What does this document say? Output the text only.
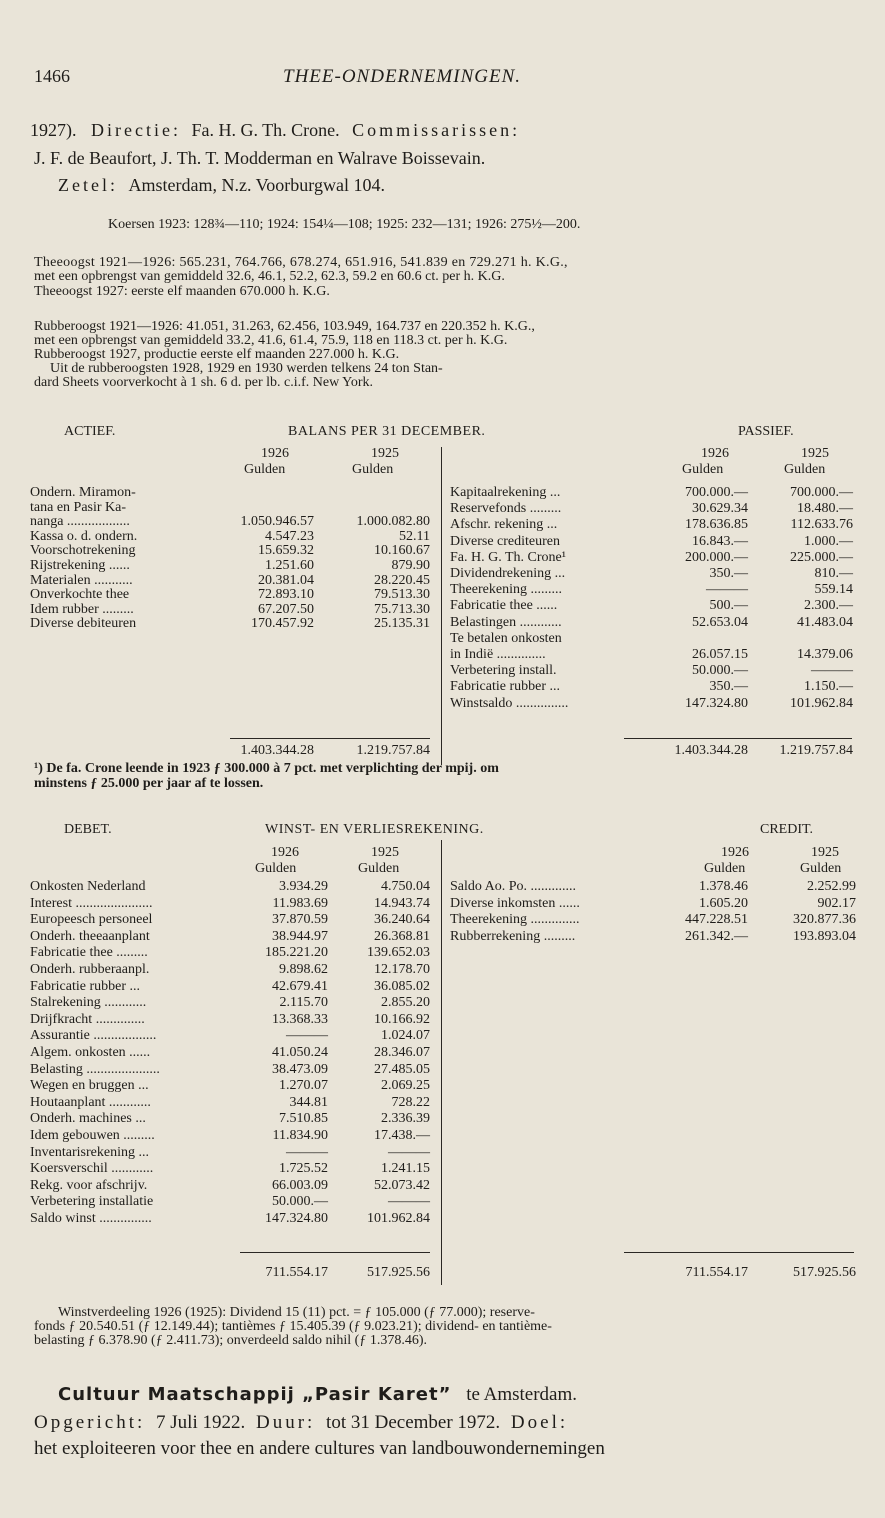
1466	THEE-ONDERNEMINGEN.
1927). Directie: Fa. H. G. Th. Crone. Commissarissen:
J. F. de Beaufort, J. Th. T. Modderman en Walrave Boissevain.
Zetel: Amsterdam, N.z. Voorburgwal 104.
Koersen 1923: 128¾—110; 1924: 154¼—108; 1925: 232—131; 1926: 275½—200.
Theeoogst 1921—1926: 565.231, 764.766, 678.274, 651.916, 541.839 en 729.271 h. K.G.,
met een opbrengst van gemiddeld 32.6, 46.1, 52.2, 62.3, 59.2 en 60.6 ct. per h. K.G.
Theeoogst 1927: eerste elf maanden 670.000 h. K.G.
Rubberoogst 1921—1926: 41.051, 31.263, 62.456, 103.949, 164.737 en 220.352 h. K.G.,
met een opbrengst van gemiddeld 33.2, 41.6, 61.4, 75.9, 118 en 118.3 ct. per h. K.G.
Rubberoogst 1927, productie eerste elf maanden 227.000 h. K.G.
Uit de rubberoogsten 1928, 1929 en 1930 werden telkens 24 ton Stan-
dard Sheets voorverkocht à 1 sh. 6 d. per lb. c.i.f. New York.
ACTIEF.	BALANS PER 31 DECEMBER.	PASSIEF.
1926	1925
Gulden	Gulden
1926	1925
Gulden	Gulden
Ondern. Miramon-
tana en Pasir Ka-
nanga ..................	1.050.946.57	1.000.082.80
Kassa o. d. ondern.	4.547.23	52.11
Voorschotrekening	15.659.32	10.160.67
Rijstrekening ......	1.251.60	879.90
Materialen ...........	20.381.04	28.220.45
Onverkochte thee	72.893.10	79.513.30
Idem rubber .........	67.207.50	75.713.30
Diverse debiteuren	170.457.92	25.135.31
Kapitaalrekening ...	700.000.—	700.000.—
Reservefonds .........	30.629.34	18.480.—
Afschr. rekening ...	178.636.85	112.633.76
Diverse crediteuren	16.843.—	1.000.—
Fa. H. G. Th. Crone¹	200.000.—	225.000.—
Dividendrekening ...	350.—	810.—
Theerekening .........	———	559.14
Fabricatie thee ......	500.—	2.300.—
Belastingen ............	52.653.04	41.483.04
Te betalen onkosten
in Indië ..............	26.057.15	14.379.06
Verbetering install.	50.000.—	———
Fabricatie rubber ...	350.—	1.150.—
Winstsaldo ...............	147.324.80	101.962.84
1.403.344.28	1.219.757.84	1.403.344.28	1.219.757.84
¹) De fa. Crone leende in 1923 ƒ 300.000 à 7 pct. met verplichting der mpij. om
minstens ƒ 25.000 per jaar af te lossen.
DEBET.	WINST- EN VERLIESREKENING.	CREDIT.
1926	1925
Gulden	Gulden
1926	1925
Gulden	Gulden
Onkosten Nederland	3.934.29	4.750.04
Interest ......................	11.983.69	14.943.74
Europeesch personeel	37.870.59	36.240.64
Onderh. theeaanplant	38.944.97	26.368.81
Fabricatie thee .........	185.221.20	139.652.03
Onderh. rubberaanpl.	9.898.62	12.178.70
Fabricatie rubber ...	42.679.41	36.085.02
Stalrekening ............	2.115.70	2.855.20
Drijfkracht ..............	13.368.33	10.166.92
Assurantie ..................	———	1.024.07
Algem. onkosten ......	41.050.24	28.346.07
Belasting .....................	38.473.09	27.485.05
Wegen en bruggen ...	1.270.07	2.069.25
Houtaanplant ............	344.81	728.22
Onderh. machines ...	7.510.85	2.336.39
Idem gebouwen .........	11.834.90	17.438.—
Inventarisrekening ...	———	———
Koersverschil ............	1.725.52	1.241.15
Rekg. voor afschrijv.	66.003.09	52.073.42
Verbetering installatie	50.000.—	———
Saldo winst ...............	147.324.80	101.962.84
Saldo Ao. Po. .............	1.378.46	2.252.99
Diverse inkomsten ......	1.605.20	902.17
Theerekening ..............	447.228.51	320.877.36
Rubberrekening .........	261.342.—	193.893.04
711.554.17	517.925.56	711.554.17	517.925.56
Winstverdeeling 1926 (1925): Dividend 15 (11) pct. = ƒ 105.000 (ƒ 77.000); reserve-
fonds ƒ 20.540.51 (ƒ 12.149.44); tantièmes ƒ 15.405.39 (ƒ 9.023.21); dividend- en tantième-
belasting ƒ 6.378.90 (ƒ 2.411.73); onverdeeld saldo nihil (ƒ 1.378.46).
Cultuur Maatschappij „Pasir Karet” te Amsterdam.
Opgericht: 7 Juli 1922. Duur: tot 31 December 1972. Doel:
het exploiteeren voor thee en andere cultures van landbouwondernemingen
